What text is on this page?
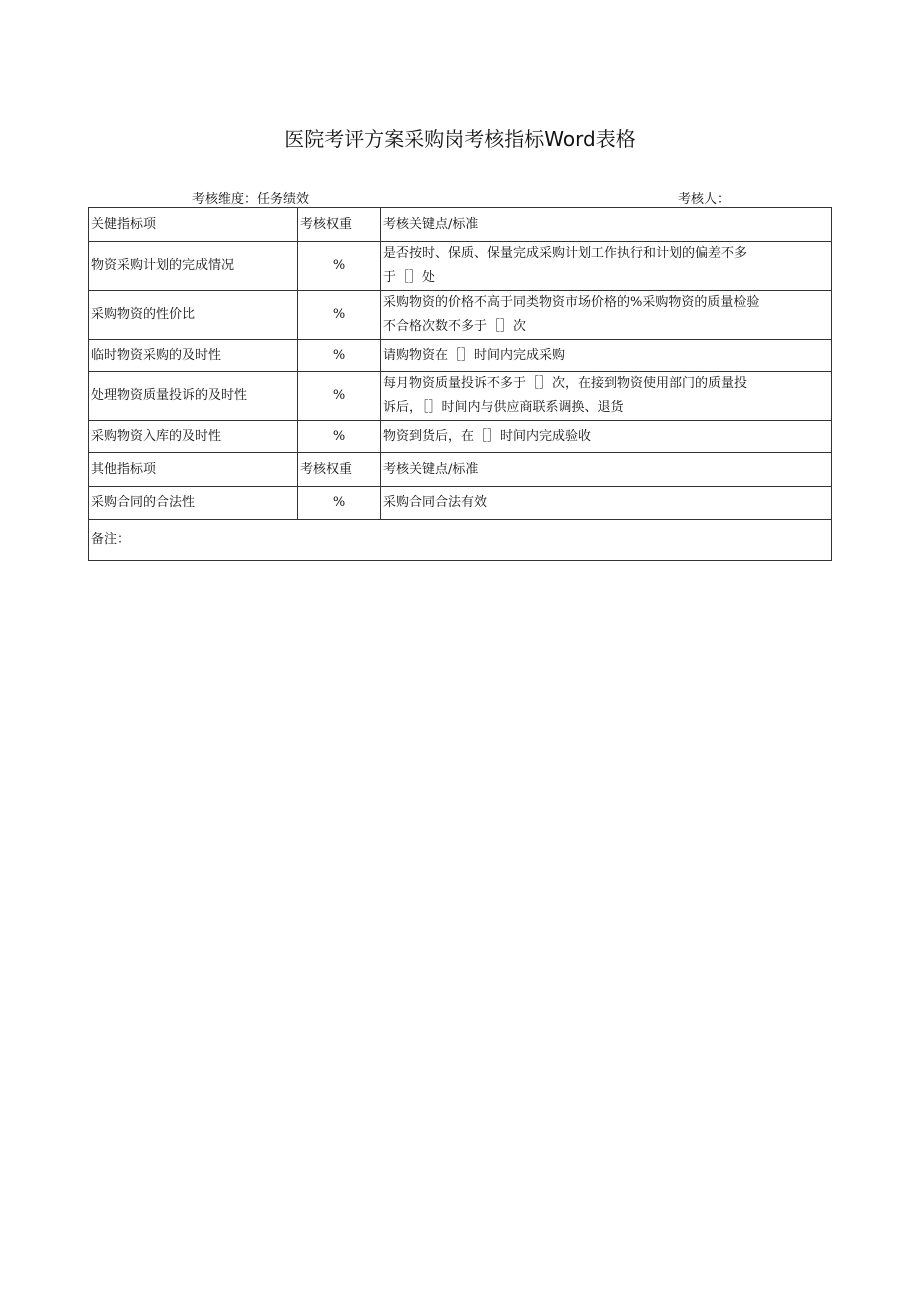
医院考评方案采购岗考核指标Word表格
考核维度：任务绩效	考核人：
关健指标项	考核权重	考核关键点/标准
物资采购计划的完成情况	%	是否按时、保质、保量完成采购计划工作执行和计划的偏差不多
于［］处

采购物资的性价比	%	采购物资的价格不高于同类物资市场价格的%采购物资的质量检验
不合格次数不多于［］次

临时物资采购的及时性	%	请购物资在［］时间内完成采购

处理物资质量投诉的及时性	%	每月物资质量投诉不多于［］次，在接到物资使用部门的质量投
诉后，［］时间内与供应商联系调换、退货

采购物资入库的及时性	%	物资到货后，在［］时间内完成验收

其他指标项	考核权重	考核关键点/标准
采购合同的合法性	%	采购合同合法有效

备注：		
